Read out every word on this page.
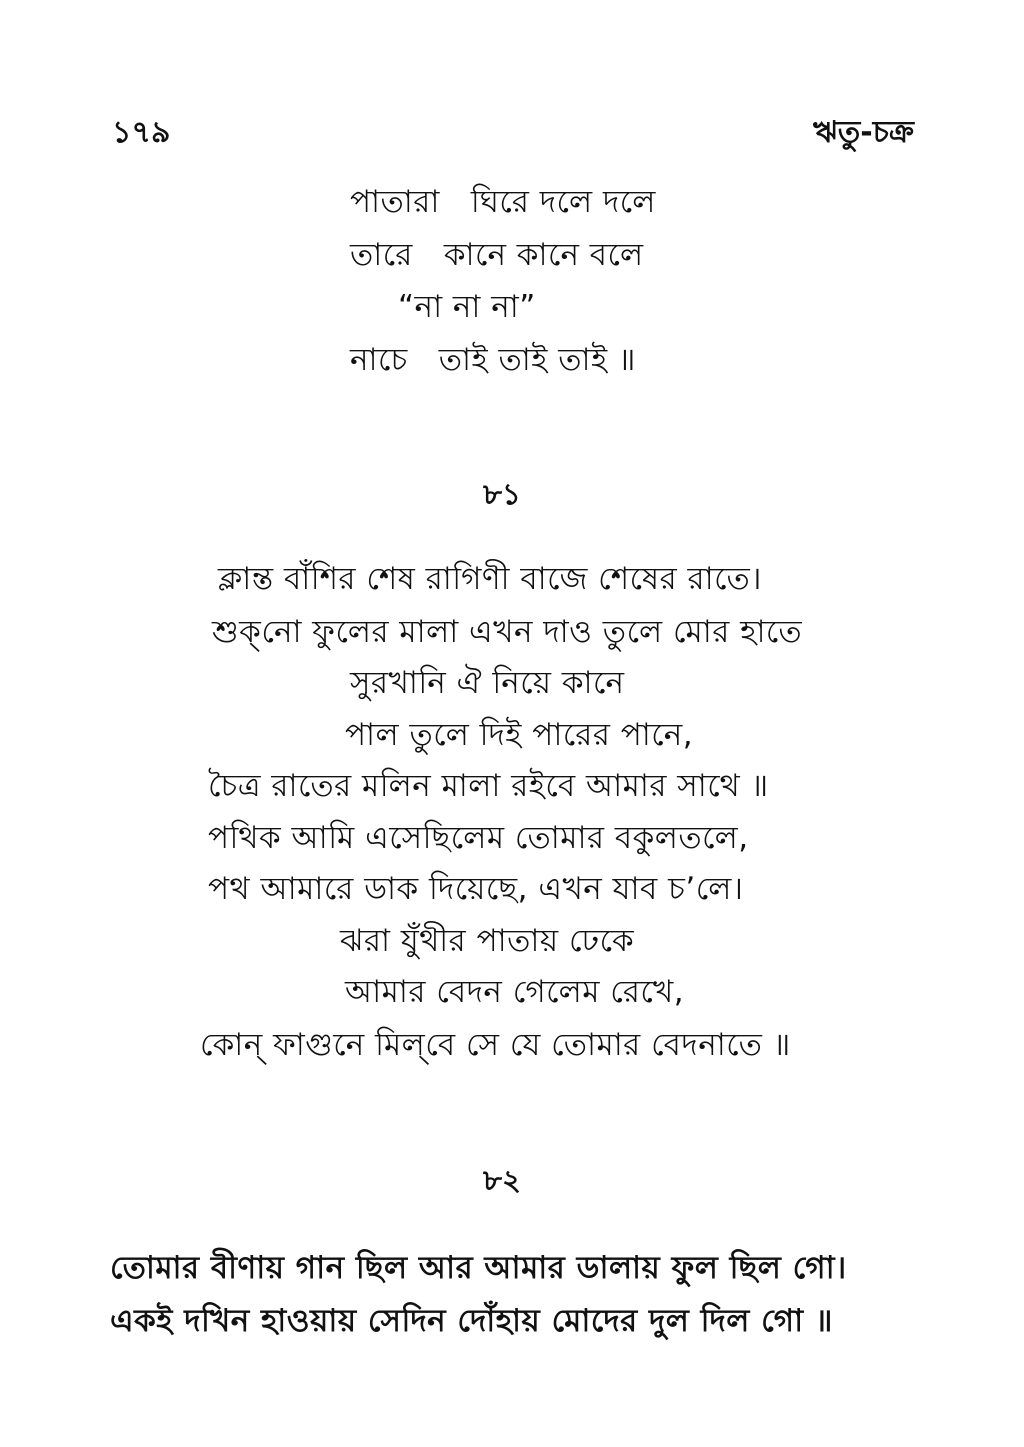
১৭৯	ঋতু-চক্র
পাতারা   ঘিরে দলে দলে
তারে   কানে কানে বলে
“না না না”
নাচে   তাই তাই তাই ॥
৮১
ক্লান্ত বাঁশির শেষ রাগিণী বাজে শেষের রাতে।
শুক্‌নো ফুলের মালা এখন দাও তুলে মোর হাতে
সুরখানি ঐ নিয়ে কানে
পাল তুলে দিই পারের পানে,
চৈত্র রাতের মলিন মালা রইবে আমার সাথে ॥
পথিক আমি এসেছিলেম তোমার বকুলতলে,
পথ আমারে ডাক দিয়েছে, এখন যাব চ’লে।
ঝরা যুঁথীর পাতায় ঢেকে
আমার বেদন গেলেম রেখে,
কোন্‌ ফাগুনে মিল্‌বে সে যে তোমার বেদনাতে ॥
৮২
তোমার বীণায় গান ছিল আর আমার ডালায় ফুল ছিল গো।
একই দখিন হাওয়ায় সেদিন দোঁহায় মোদের দুল দিল গো ॥
